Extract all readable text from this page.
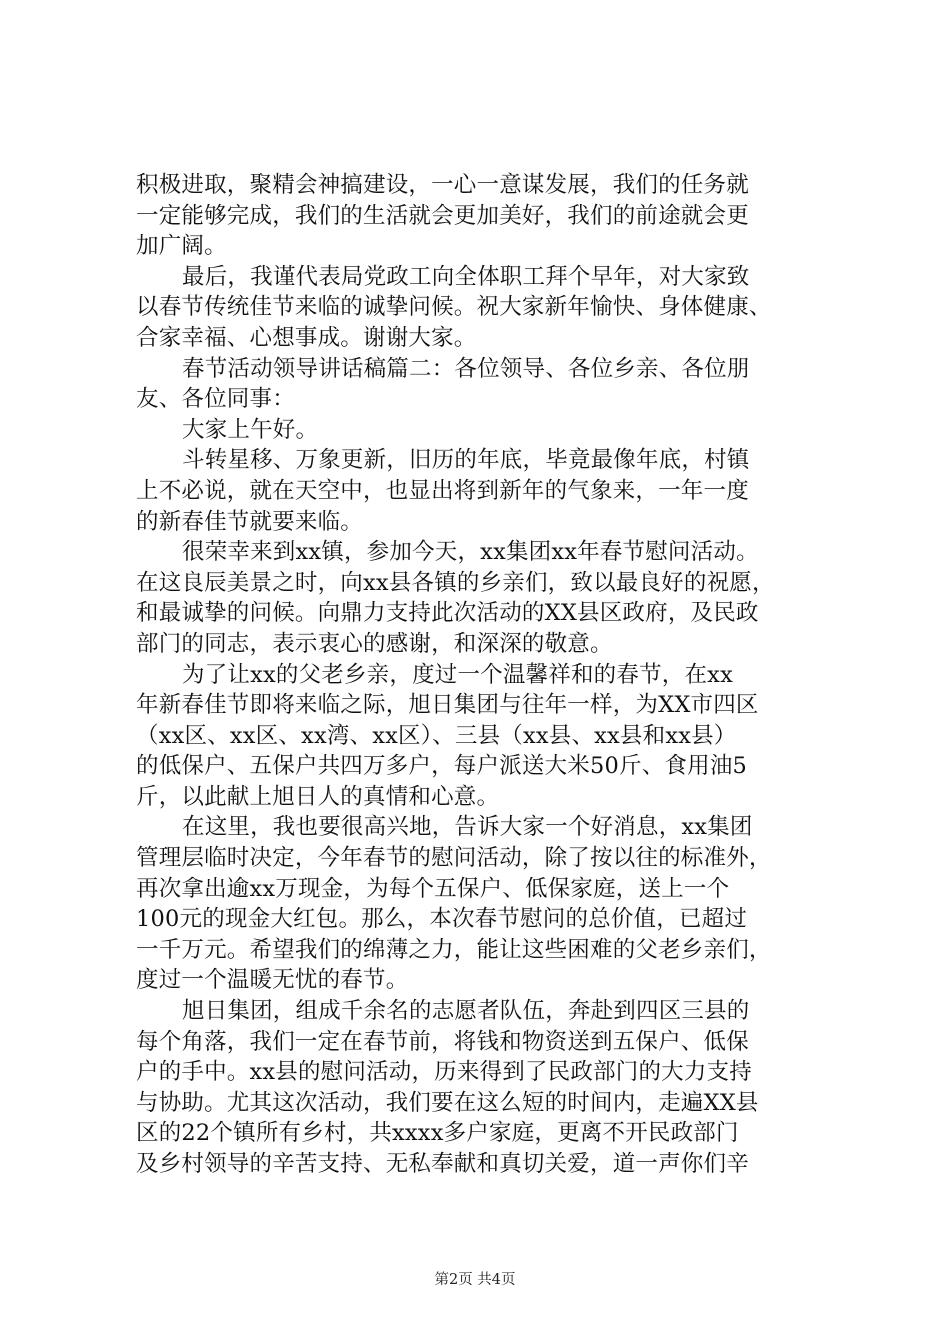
积极进取，聚精会神搞建设，一心一意谋发展，我们的任务就
一定能够完成，我们的生活就会更加美好，我们的前途就会更
加广阔。
最后，我谨代表局党政工向全体职工拜个早年，对大家致
以春节传统佳节来临的诚挚问候。祝大家新年愉快、身体健康、
合家幸福、心想事成。谢谢大家。
春节活动领导讲话稿篇二：各位领导、各位乡亲、各位朋
友、各位同事：
大家上午好。
斗转星移、万象更新，旧历的年底，毕竟最像年底，村镇
上不必说，就在天空中，也显出将到新年的气象来，一年一度
的新春佳节就要来临。
很荣幸来到xx镇，参加今天，xx集团xx年春节慰问活动。
在这良辰美景之时，向xx县各镇的乡亲们，致以最良好的祝愿，
和最诚挚的问候。向鼎力支持此次活动的XX县区政府，及民政
部门的同志，表示衷心的感谢，和深深的敬意。
为了让xx的父老乡亲，度过一个温馨祥和的春节，在xx
年新春佳节即将来临之际，旭日集团与往年一样，为XX市四区
（xx区、xx区、xx湾、xx区）、三县（xx县、xx县和xx县）
的低保户、五保户共四万多户，每户派送大米50斤、食用油5
斤，以此献上旭日人的真情和心意。
在这里，我也要很高兴地，告诉大家一个好消息，xx集团
管理层临时决定，今年春节的慰问活动，除了按以往的标准外，
再次拿出逾xx万现金，为每个五保户、低保家庭，送上一个
100元的现金大红包。那么，本次春节慰问的总价值，已超过
一千万元。希望我们的绵薄之力，能让这些困难的父老乡亲们，
度过一个温暖无忧的春节。
旭日集团，组成千余名的志愿者队伍，奔赴到四区三县的
每个角落，我们一定在春节前，将钱和物资送到五保户、低保
户的手中。xx县的慰问活动，历来得到了民政部门的大力支持
与协助。尤其这次活动，我们要在这么短的时间内，走遍XX县
区的22个镇所有乡村，共xxxx多户家庭，更离不开民政部门
及乡村领导的辛苦支持、无私奉献和真切关爱，道一声你们辛
第2页 共4页
